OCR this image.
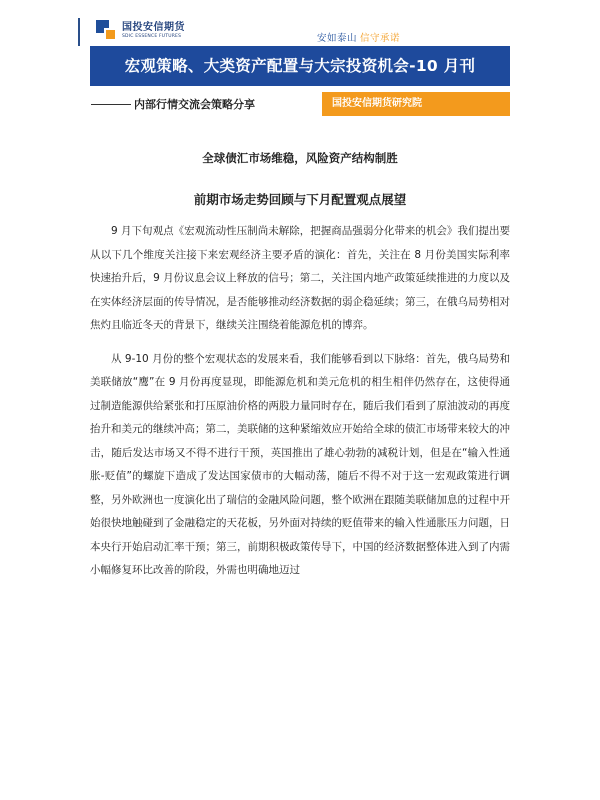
国投安信期货
SDIC ESSENCE FUTURES	安如泰山 信守承诺
宏观策略、大类资产配置与大宗投资机会-10 月刊
内部行情交流会策略分享	国投安信期货研究院
全球债汇市场维稳，风险资产结构制胜
前期市场走势回顾与下月配置观点展望

9 月下旬观点《宏观流动性压制尚未解除，把握商品强弱分化带来的机会》我们提出要从以下几个维度关注接下来宏观经济主要矛盾的演化：首先，关注在 8 月份美国实际利率快速抬升后，9 月份议息会议上释放的信号；第二，关注国内地产政策延续推进的力度以及在实体经济层面的传导情况，是否能够推动经济数据的弱企稳延续；第三，在俄乌局势相对焦灼且临近冬天的背景下，继续关注围绕着能源危机的博弈。

从 9-10 月份的整个宏观状态的发展来看，我们能够看到以下脉络：首先，俄乌局势和美联储放“鹰”在 9 月份再度显现，即能源危机和美元危机的相生相伴仍然存在，这使得通过制造能源供给紧张和打压原油价格的两股力量同时存在，随后我们看到了原油波动的再度抬升和美元的继续冲高；第二，美联储的这种紧缩效应开始给全球的债汇市场带来较大的冲击，随后发达市场又不得不进行干预，英国推出了雄心勃勃的减税计划，但是在“输入性通胀-贬值”的螺旋下造成了发达国家债市的大幅动荡，随后不得不对于这一宏观政策进行调整，另外欧洲也一度演化出了瑞信的金融风险问题，整个欧洲在跟随美联储加息的过程中开始很快地触碰到了金融稳定的天花板，另外面对持续的贬值带来的输入性通胀压力问题，日本央行开始启动汇率干预；第三，前期积极政策传导下，中国的经济数据整体进入到了内需小幅修复环比改善的阶段，外需也明确地迈过
